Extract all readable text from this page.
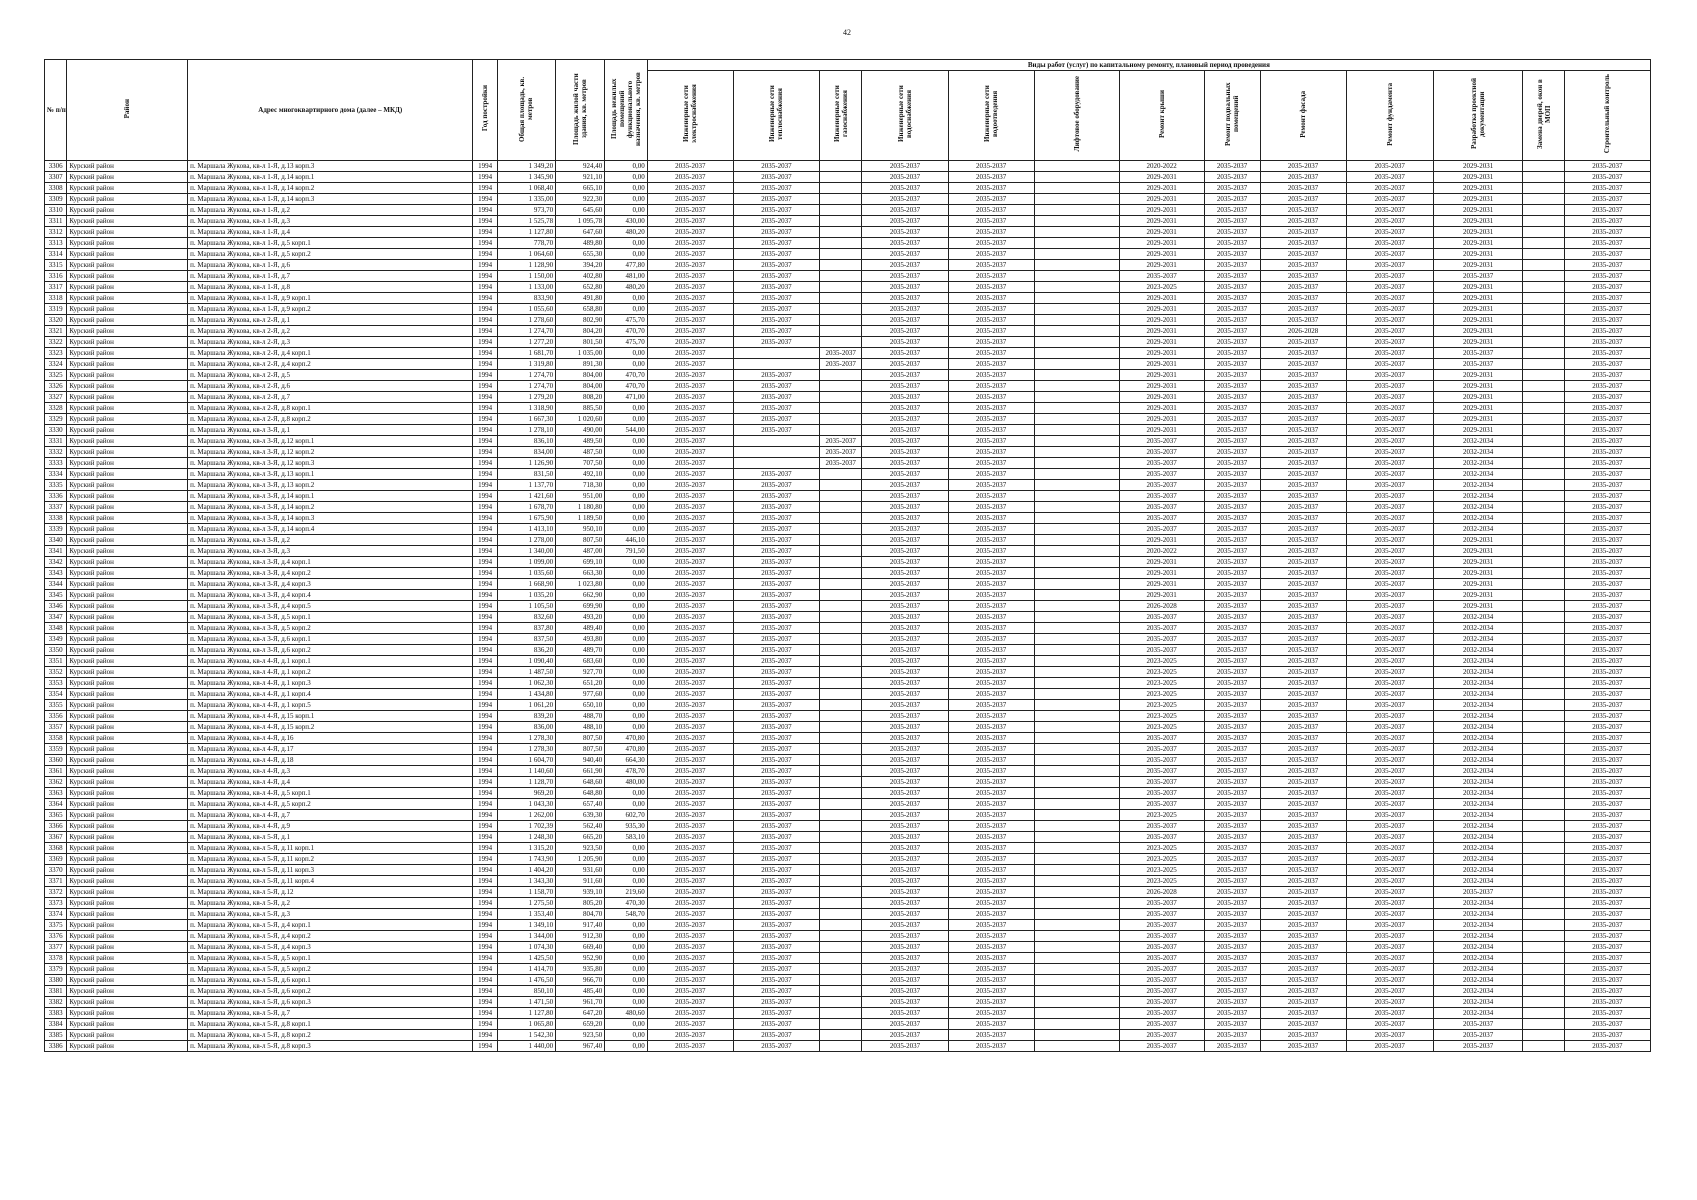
42
№ п/п	Район	Адрес многоквартирного дома (далее – МКД)	Год постройки	Общая площадь, кв. метров	Площадь жилой части здания, кв. метров	Площадь нежилых помещений функционального назначения, кв. метров	Виды работ (услуг) по капитальному ремонту, плановый период проведения												
							Инженерные сети электроснабжения	Инженерные сети теплоснабжения	Инженерные сети газоснабжения	Инженерные сети водоснабжения	Инженерные сети водоотведения	Лифтовое оборудование	Ремонт крыши	Ремонт подвальных помещений	Ремонт фасада	Ремонт фундамента	Разработка проектной документации	Замена дверей, окон в МОП	Строительный контроль
3306	Курский район	п. Маршала Жукова, кв-л 1-Я, д.13 корп.3	1994	1 349,20	924,40	0,00	2035-2037	2035-2037		2035-2037	2035-2037		2020-2022	2035-2037	2035-2037	2035-2037	2029-2031		2035-2037
3307	Курский район	п. Маршала Жукова, кв-л 1-Я, д.14 корп.1	1994	1 345,90	921,10	0,00	2035-2037	2035-2037		2035-2037	2035-2037		2029-2031	2035-2037	2035-2037	2035-2037	2029-2031		2035-2037
3308	Курский район	п. Маршала Жукова, кв-л 1-Я, д.14 корп.2	1994	1 068,40	665,10	0,00	2035-2037	2035-2037		2035-2037	2035-2037		2029-2031	2035-2037	2035-2037	2035-2037	2029-2031		2035-2037
3309	Курский район	п. Маршала Жукова, кв-л 1-Я, д.14 корп.3	1994	1 335,00	922,30	0,00	2035-2037	2035-2037		2035-2037	2035-2037		2029-2031	2035-2037	2035-2037	2035-2037	2029-2031		2035-2037
3310	Курский район	п. Маршала Жукова, кв-л 1-Я, д.2	1994	973,70	645,60	0,00	2035-2037	2035-2037		2035-2037	2035-2037		2029-2031	2035-2037	2035-2037	2035-2037	2029-2031		2035-2037
3311	Курский район	п. Маршала Жукова, кв-л 1-Я, д.3	1994	1 525,78	1 095,78	430,00	2035-2037	2035-2037		2035-2037	2035-2037		2029-2031	2035-2037	2035-2037	2035-2037	2029-2031		2035-2037
3312	Курский район	п. Маршала Жукова, кв-л 1-Я, д.4	1994	1 127,80	647,60	480,20	2035-2037	2035-2037		2035-2037	2035-2037		2029-2031	2035-2037	2035-2037	2035-2037	2029-2031		2035-2037
3313	Курский район	п. Маршала Жукова, кв-л 1-Я, д.5 корп.1	1994	778,70	489,80	0,00	2035-2037	2035-2037		2035-2037	2035-2037		2029-2031	2035-2037	2035-2037	2035-2037	2029-2031		2035-2037
3314	Курский район	п. Маршала Жукова, кв-л 1-Я, д.5 корп.2	1994	1 064,60	655,30	0,00	2035-2037	2035-2037		2035-2037	2035-2037		2029-2031	2035-2037	2035-2037	2035-2037	2029-2031		2035-2037
3315	Курский район	п. Маршала Жукова, кв-л 1-Я, д.6	1994	1 128,90	394,20	477,80	2035-2037	2035-2037		2035-2037	2035-2037		2029-2031	2035-2037	2035-2037	2035-2037	2029-2031		2035-2037
3316	Курский район	п. Маршала Жукова, кв-л 1-Я, д.7	1994	1 150,00	402,80	481,00	2035-2037	2035-2037		2035-2037	2035-2037		2035-2037	2035-2037	2035-2037	2035-2037	2035-2037		2035-2037
3317	Курский район	п. Маршала Жукова, кв-л 1-Я, д.8	1994	1 133,00	652,80	480,20	2035-2037	2035-2037		2035-2037	2035-2037		2023-2025	2035-2037	2035-2037	2035-2037	2029-2031		2035-2037
3318	Курский район	п. Маршала Жукова, кв-л 1-Я, д.9 корп.1	1994	833,90	491,80	0,00	2035-2037	2035-2037		2035-2037	2035-2037		2029-2031	2035-2037	2035-2037	2035-2037	2029-2031		2035-2037
3319	Курский район	п. Маршала Жукова, кв-л 1-Я, д.9 корп.2	1994	1 055,60	658,80	0,00	2035-2037	2035-2037		2035-2037	2035-2037		2029-2031	2035-2037	2035-2037	2035-2037	2029-2031		2035-2037
3320	Курский район	п. Маршала Жукова, кв-л 2-Я, д.1	1994	1 278,60	802,90	475,70	2035-2037	2035-2037		2035-2037	2035-2037		2029-2031	2035-2037	2035-2037	2035-2037	2029-2031		2035-2037
3321	Курский район	п. Маршала Жукова, кв-л 2-Я, д.2	1994	1 274,70	804,20	470,70	2035-2037	2035-2037		2035-2037	2035-2037		2029-2031	2035-2037	2026-2028	2035-2037	2029-2031		2035-2037
3322	Курский район	п. Маршала Жукова, кв-л 2-Я, д.3	1994	1 277,20	801,50	475,70	2035-2037	2035-2037		2035-2037	2035-2037		2029-2031	2035-2037	2035-2037	2035-2037	2029-2031		2035-2037
3323	Курский район	п. Маршала Жукова, кв-л 2-Я, д.4 корп.1	1994	1 681,70	1 035,00	0,00	2035-2037		2035-2037	2035-2037	2035-2037		2029-2031	2035-2037	2035-2037	2035-2037	2035-2037		2035-2037
3324	Курский район	п. Маршала Жукова, кв-л 2-Я, д.4 корп.2	1994	1 319,80	891,30	0,00	2035-2037		2035-2037	2035-2037	2035-2037		2029-2031	2035-2037	2035-2037	2035-2037	2035-2037		2035-2037
3325	Курский район	п. Маршала Жукова, кв-л 2-Я, д.5	1994	1 274,70	804,00	470,70	2035-2037	2035-2037		2035-2037	2035-2037		2029-2031	2035-2037	2035-2037	2035-2037	2029-2031		2035-2037
3326	Курский район	п. Маршала Жукова, кв-л 2-Я, д.6	1994	1 274,70	804,00	470,70	2035-2037	2035-2037		2035-2037	2035-2037		2029-2031	2035-2037	2035-2037	2035-2037	2029-2031		2035-2037
3327	Курский район	п. Маршала Жукова, кв-л 2-Я, д.7	1994	1 279,20	808,20	471,00	2035-2037	2035-2037		2035-2037	2035-2037		2029-2031	2035-2037	2035-2037	2035-2037	2029-2031		2035-2037
3328	Курский район	п. Маршала Жукова, кв-л 2-Я, д.8 корп.1	1994	1 318,90	885,50	0,00	2035-2037	2035-2037		2035-2037	2035-2037		2029-2031	2035-2037	2035-2037	2035-2037	2029-2031		2035-2037
3329	Курский район	п. Маршала Жукова, кв-л 2-Я, д.8 корп.2	1994	1 667,30	1 020,60	0,00	2035-2037	2035-2037		2035-2037	2035-2037		2029-2031	2035-2037	2035-2037	2035-2037	2029-2031		2035-2037
3330	Курский район	п. Маршала Жукова, кв-л 3-Я, д.1	1994	1 278,10	490,00	544,00	2035-2037	2035-2037		2035-2037	2035-2037		2029-2031	2035-2037	2035-2037	2035-2037	2029-2031		2035-2037
3331	Курский район	п. Маршала Жукова, кв-л 3-Я, д.12 корп.1	1994	836,10	489,50	0,00	2035-2037		2035-2037	2035-2037	2035-2037		2035-2037	2035-2037	2035-2037	2035-2037	2032-2034		2035-2037
3332	Курский район	п. Маршала Жукова, кв-л 3-Я, д.12 корп.2	1994	834,00	487,50	0,00	2035-2037		2035-2037	2035-2037	2035-2037		2035-2037	2035-2037	2035-2037	2035-2037	2032-2034		2035-2037
3333	Курский район	п. Маршала Жукова, кв-л 3-Я, д.12 корп.3	1994	1 126,90	707,50	0,00	2035-2037		2035-2037	2035-2037	2035-2037		2035-2037	2035-2037	2035-2037	2035-2037	2032-2034		2035-2037
3334	Курский район	п. Маршала Жукова, кв-л 3-Я, д.13 корп.1	1994	831,50	492,10	0,00	2035-2037	2035-2037		2035-2037	2035-2037		2035-2037	2035-2037	2035-2037	2035-2037	2032-2034		2035-2037
3335	Курский район	п. Маршала Жукова, кв-л 3-Я, д.13 корп.2	1994	1 137,70	718,30	0,00	2035-2037	2035-2037		2035-2037	2035-2037		2035-2037	2035-2037	2035-2037	2035-2037	2032-2034		2035-2037
3336	Курский район	п. Маршала Жукова, кв-л 3-Я, д.14 корп.1	1994	1 421,60	951,00	0,00	2035-2037	2035-2037		2035-2037	2035-2037		2035-2037	2035-2037	2035-2037	2035-2037	2032-2034		2035-2037
3337	Курский район	п. Маршала Жукова, кв-л 3-Я, д.14 корп.2	1994	1 678,70	1 180,80	0,00	2035-2037	2035-2037		2035-2037	2035-2037		2035-2037	2035-2037	2035-2037	2035-2037	2032-2034		2035-2037
3338	Курский район	п. Маршала Жукова, кв-л 3-Я, д.14 корп.3	1994	1 675,90	1 189,50	0,00	2035-2037	2035-2037		2035-2037	2035-2037		2035-2037	2035-2037	2035-2037	2035-2037	2032-2034		2035-2037
3339	Курский район	п. Маршала Жукова, кв-л 3-Я, д.14 корп.4	1994	1 413,10	950,10	0,00	2035-2037	2035-2037		2035-2037	2035-2037		2035-2037	2035-2037	2035-2037	2035-2037	2032-2034		2035-2037
3340	Курский район	п. Маршала Жукова, кв-л 3-Я, д.2	1994	1 278,00	807,50	446,10	2035-2037	2035-2037		2035-2037	2035-2037		2029-2031	2035-2037	2035-2037	2035-2037	2029-2031		2035-2037
3341	Курский район	п. Маршала Жукова, кв-л 3-Я, д.3	1994	1 340,00	487,00	791,50	2035-2037	2035-2037		2035-2037	2035-2037		2020-2022	2035-2037	2035-2037	2035-2037	2029-2031		2035-2037
3342	Курский район	п. Маршала Жукова, кв-л 3-Я, д.4 корп.1	1994	1 099,00	699,10	0,00	2035-2037	2035-2037		2035-2037	2035-2037		2029-2031	2035-2037	2035-2037	2035-2037	2029-2031		2035-2037
3343	Курский район	п. Маршала Жукова, кв-л 3-Я, д.4 корп.2	1994	1 035,60	663,30	0,00	2035-2037	2035-2037		2035-2037	2035-2037		2029-2031	2035-2037	2035-2037	2035-2037	2029-2031		2035-2037
3344	Курский район	п. Маршала Жукова, кв-л 3-Я, д.4 корп.3	1994	1 668,90	1 023,80	0,00	2035-2037	2035-2037		2035-2037	2035-2037		2029-2031	2035-2037	2035-2037	2035-2037	2029-2031		2035-2037
3345	Курский район	п. Маршала Жукова, кв-л 3-Я, д.4 корп.4	1994	1 035,20	662,90	0,00	2035-2037	2035-2037		2035-2037	2035-2037		2029-2031	2035-2037	2035-2037	2035-2037	2029-2031		2035-2037
3346	Курский район	п. Маршала Жукова, кв-л 3-Я, д.4 корп.5	1994	1 105,50	699,90	0,00	2035-2037	2035-2037		2035-2037	2035-2037		2026-2028	2035-2037	2035-2037	2035-2037	2029-2031		2035-2037
3347	Курский район	п. Маршала Жукова, кв-л 3-Я, д.5 корп.1	1994	832,60	493,20	0,00	2035-2037	2035-2037		2035-2037	2035-2037		2035-2037	2035-2037	2035-2037	2035-2037	2032-2034		2035-2037
3348	Курский район	п. Маршала Жукова, кв-л 3-Я, д.5 корп.2	1994	837,80	489,40	0,00	2035-2037	2035-2037		2035-2037	2035-2037		2035-2037	2035-2037	2035-2037	2035-2037	2032-2034		2035-2037
3349	Курский район	п. Маршала Жукова, кв-л 3-Я, д.6 корп.1	1994	837,50	493,80	0,00	2035-2037	2035-2037		2035-2037	2035-2037		2035-2037	2035-2037	2035-2037	2035-2037	2032-2034		2035-2037
3350	Курский район	п. Маршала Жукова, кв-л 3-Я, д.6 корп.2	1994	836,20	489,70	0,00	2035-2037	2035-2037		2035-2037	2035-2037		2035-2037	2035-2037	2035-2037	2035-2037	2032-2034		2035-2037
3351	Курский район	п. Маршала Жукова, кв-л 4-Я, д.1 корп.1	1994	1 090,40	683,60	0,00	2035-2037	2035-2037		2035-2037	2035-2037		2023-2025	2035-2037	2035-2037	2035-2037	2032-2034		2035-2037
3352	Курский район	п. Маршала Жукова, кв-л 4-Я, д.1 корп.2	1994	1 487,50	927,70	0,00	2035-2037	2035-2037		2035-2037	2035-2037		2023-2025	2035-2037	2035-2037	2035-2037	2032-2034		2035-2037
3353	Курский район	п. Маршала Жукова, кв-л 4-Я, д.1 корп.3	1994	1 062,30	651,20	0,00	2035-2037	2035-2037		2035-2037	2035-2037		2023-2025	2035-2037	2035-2037	2035-2037	2032-2034		2035-2037
3354	Курский район	п. Маршала Жукова, кв-л 4-Я, д.1 корп.4	1994	1 434,80	977,60	0,00	2035-2037	2035-2037		2035-2037	2035-2037		2023-2025	2035-2037	2035-2037	2035-2037	2032-2034		2035-2037
3355	Курский район	п. Маршала Жукова, кв-л 4-Я, д.1 корп.5	1994	1 061,20	650,10	0,00	2035-2037	2035-2037		2035-2037	2035-2037		2023-2025	2035-2037	2035-2037	2035-2037	2032-2034		2035-2037
3356	Курский район	п. Маршала Жукова, кв-л 4-Я, д.15 корп.1	1994	839,20	488,70	0,00	2035-2037	2035-2037		2035-2037	2035-2037		2023-2025	2035-2037	2035-2037	2035-2037	2032-2034		2035-2037
3357	Курский район	п. Маршала Жукова, кв-л 4-Я, д.15 корп.2	1994	836,00	488,10	0,00	2035-2037	2035-2037		2035-2037	2035-2037		2023-2025	2035-2037	2035-2037	2035-2037	2032-2034		2035-2037
3358	Курский район	п. Маршала Жукова, кв-л 4-Я, д.16	1994	1 278,30	807,50	470,80	2035-2037	2035-2037		2035-2037	2035-2037		2035-2037	2035-2037	2035-2037	2035-2037	2032-2034		2035-2037
3359	Курский район	п. Маршала Жукова, кв-л 4-Я, д.17	1994	1 278,30	807,50	470,80	2035-2037	2035-2037		2035-2037	2035-2037		2035-2037	2035-2037	2035-2037	2035-2037	2032-2034		2035-2037
3360	Курский район	п. Маршала Жукова, кв-л 4-Я, д.18	1994	1 604,70	940,40	664,30	2035-2037	2035-2037		2035-2037	2035-2037		2035-2037	2035-2037	2035-2037	2035-2037	2032-2034		2035-2037
3361	Курский район	п. Маршала Жукова, кв-л 4-Я, д.3	1994	1 140,60	661,90	478,70	2035-2037	2035-2037		2035-2037	2035-2037		2035-2037	2035-2037	2035-2037	2035-2037	2032-2034		2035-2037
3362	Курский район	п. Маршала Жукова, кв-л 4-Я, д.4	1994	1 128,70	648,60	480,00	2035-2037	2035-2037		2035-2037	2035-2037		2035-2037	2035-2037	2035-2037	2035-2037	2032-2034		2035-2037
3363	Курский район	п. Маршала Жукова, кв-л 4-Я, д.5 корп.1	1994	969,20	648,80	0,00	2035-2037	2035-2037		2035-2037	2035-2037		2035-2037	2035-2037	2035-2037	2035-2037	2032-2034		2035-2037
3364	Курский район	п. Маршала Жукова, кв-л 4-Я, д.5 корп.2	1994	1 043,30	657,40	0,00	2035-2037	2035-2037		2035-2037	2035-2037		2035-2037	2035-2037	2035-2037	2035-2037	2032-2034		2035-2037
3365	Курский район	п. Маршала Жукова, кв-л 4-Я, д.7	1994	1 262,00	639,30	602,70	2035-2037	2035-2037		2035-2037	2035-2037		2023-2025	2035-2037	2035-2037	2035-2037	2032-2034		2035-2037
3366	Курский район	п. Маршала Жукова, кв-л 4-Я, д.9	1994	1 702,39	562,40	935,30	2035-2037	2035-2037		2035-2037	2035-2037		2035-2037	2035-2037	2035-2037	2035-2037	2032-2034		2035-2037
3367	Курский район	п. Маршала Жукова, кв-л 5-Я, д.1	1994	1 248,30	665,20	583,10	2035-2037	2035-2037		2035-2037	2035-2037		2035-2037	2035-2037	2035-2037	2035-2037	2032-2034		2035-2037
3368	Курский район	п. Маршала Жукова, кв-л 5-Я, д.11 корп.1	1994	1 315,20	923,50	0,00	2035-2037	2035-2037		2035-2037	2035-2037		2023-2025	2035-2037	2035-2037	2035-2037	2032-2034		2035-2037
3369	Курский район	п. Маршала Жукова, кв-л 5-Я, д.11 корп.2	1994	1 743,90	1 205,90	0,00	2035-2037	2035-2037		2035-2037	2035-2037		2023-2025	2035-2037	2035-2037	2035-2037	2032-2034		2035-2037
3370	Курский район	п. Маршала Жукова, кв-л 5-Я, д.11 корп.3	1994	1 404,20	931,60	0,00	2035-2037	2035-2037		2035-2037	2035-2037		2023-2025	2035-2037	2035-2037	2035-2037	2032-2034		2035-2037
3371	Курский район	п. Маршала Жукова, кв-л 5-Я, д.11 корп.4	1994	1 343,30	911,60	0,00	2035-2037	2035-2037		2035-2037	2035-2037		2023-2025	2035-2037	2035-2037	2035-2037	2032-2034		2035-2037
3372	Курский район	п. Маршала Жукова, кв-л 5-Я, д.12	1994	1 158,70	939,10	219,60	2035-2037	2035-2037		2035-2037	2035-2037		2026-2028	2035-2037	2035-2037	2035-2037	2035-2037		2035-2037
3373	Курский район	п. Маршала Жукова, кв-л 5-Я, д.2	1994	1 275,50	805,20	470,30	2035-2037	2035-2037		2035-2037	2035-2037		2035-2037	2035-2037	2035-2037	2035-2037	2032-2034		2035-2037
3374	Курский район	п. Маршала Жукова, кв-л 5-Я, д.3	1994	1 353,40	804,70	548,70	2035-2037	2035-2037		2035-2037	2035-2037		2035-2037	2035-2037	2035-2037	2035-2037	2032-2034		2035-2037
3375	Курский район	п. Маршала Жукова, кв-л 5-Я, д.4 корп.1	1994	1 349,10	917,40	0,00	2035-2037	2035-2037		2035-2037	2035-2037		2035-2037	2035-2037	2035-2037	2035-2037	2032-2034		2035-2037
3376	Курский район	п. Маршала Жукова, кв-л 5-Я, д.4 корп.2	1994	1 344,00	912,30	0,00	2035-2037	2035-2037		2035-2037	2035-2037		2035-2037	2035-2037	2035-2037	2035-2037	2032-2034		2035-2037
3377	Курский район	п. Маршала Жукова, кв-л 5-Я, д.4 корп.3	1994	1 074,30	669,40	0,00	2035-2037	2035-2037		2035-2037	2035-2037		2035-2037	2035-2037	2035-2037	2035-2037	2032-2034		2035-2037
3378	Курский район	п. Маршала Жукова, кв-л 5-Я, д.5 корп.1	1994	1 425,50	952,90	0,00	2035-2037	2035-2037		2035-2037	2035-2037		2035-2037	2035-2037	2035-2037	2035-2037	2032-2034		2035-2037
3379	Курский район	п. Маршала Жукова, кв-л 5-Я, д.5 корп.2	1994	1 414,70	935,80	0,00	2035-2037	2035-2037		2035-2037	2035-2037		2035-2037	2035-2037	2035-2037	2035-2037	2032-2034		2035-2037
3380	Курский район	п. Маршала Жукова, кв-л 5-Я, д.6 корп.1	1994	1 476,50	966,70	0,00	2035-2037	2035-2037		2035-2037	2035-2037		2035-2037	2035-2037	2035-2037	2035-2037	2032-2034		2035-2037
3381	Курский район	п. Маршала Жукова, кв-л 5-Я, д.6 корп.2	1994	850,10	485,40	0,00	2035-2037	2035-2037		2035-2037	2035-2037		2035-2037	2035-2037	2035-2037	2035-2037	2032-2034		2035-2037
3382	Курский район	п. Маршала Жукова, кв-л 5-Я, д.6 корп.3	1994	1 471,50	961,70	0,00	2035-2037	2035-2037		2035-2037	2035-2037		2035-2037	2035-2037	2035-2037	2035-2037	2032-2034		2035-2037
3383	Курский район	п. Маршала Жукова, кв-л 5-Я, д.7	1994	1 127,80	647,20	480,60	2035-2037	2035-2037		2035-2037	2035-2037		2035-2037	2035-2037	2035-2037	2035-2037	2032-2034		2035-2037
3384	Курский район	п. Маршала Жукова, кв-л 5-Я, д.8 корп.1	1994	1 065,80	659,20	0,00	2035-2037	2035-2037		2035-2037	2035-2037		2035-2037	2035-2037	2035-2037	2035-2037	2035-2037		2035-2037
3385	Курский район	п. Маршала Жукова, кв-л 5-Я, д.8 корп.2	1994	1 542,30	923,50	0,00	2035-2037	2035-2037		2035-2037	2035-2037		2035-2037	2035-2037	2035-2037	2035-2037	2035-2037		2035-2037
3386	Курский район	п. Маршала Жукова, кв-л 5-Я, д.8 корп.3	1994	1 440,00	967,40	0,00	2035-2037	2035-2037		2035-2037	2035-2037		2035-2037	2035-2037	2035-2037	2035-2037	2035-2037		2035-2037
